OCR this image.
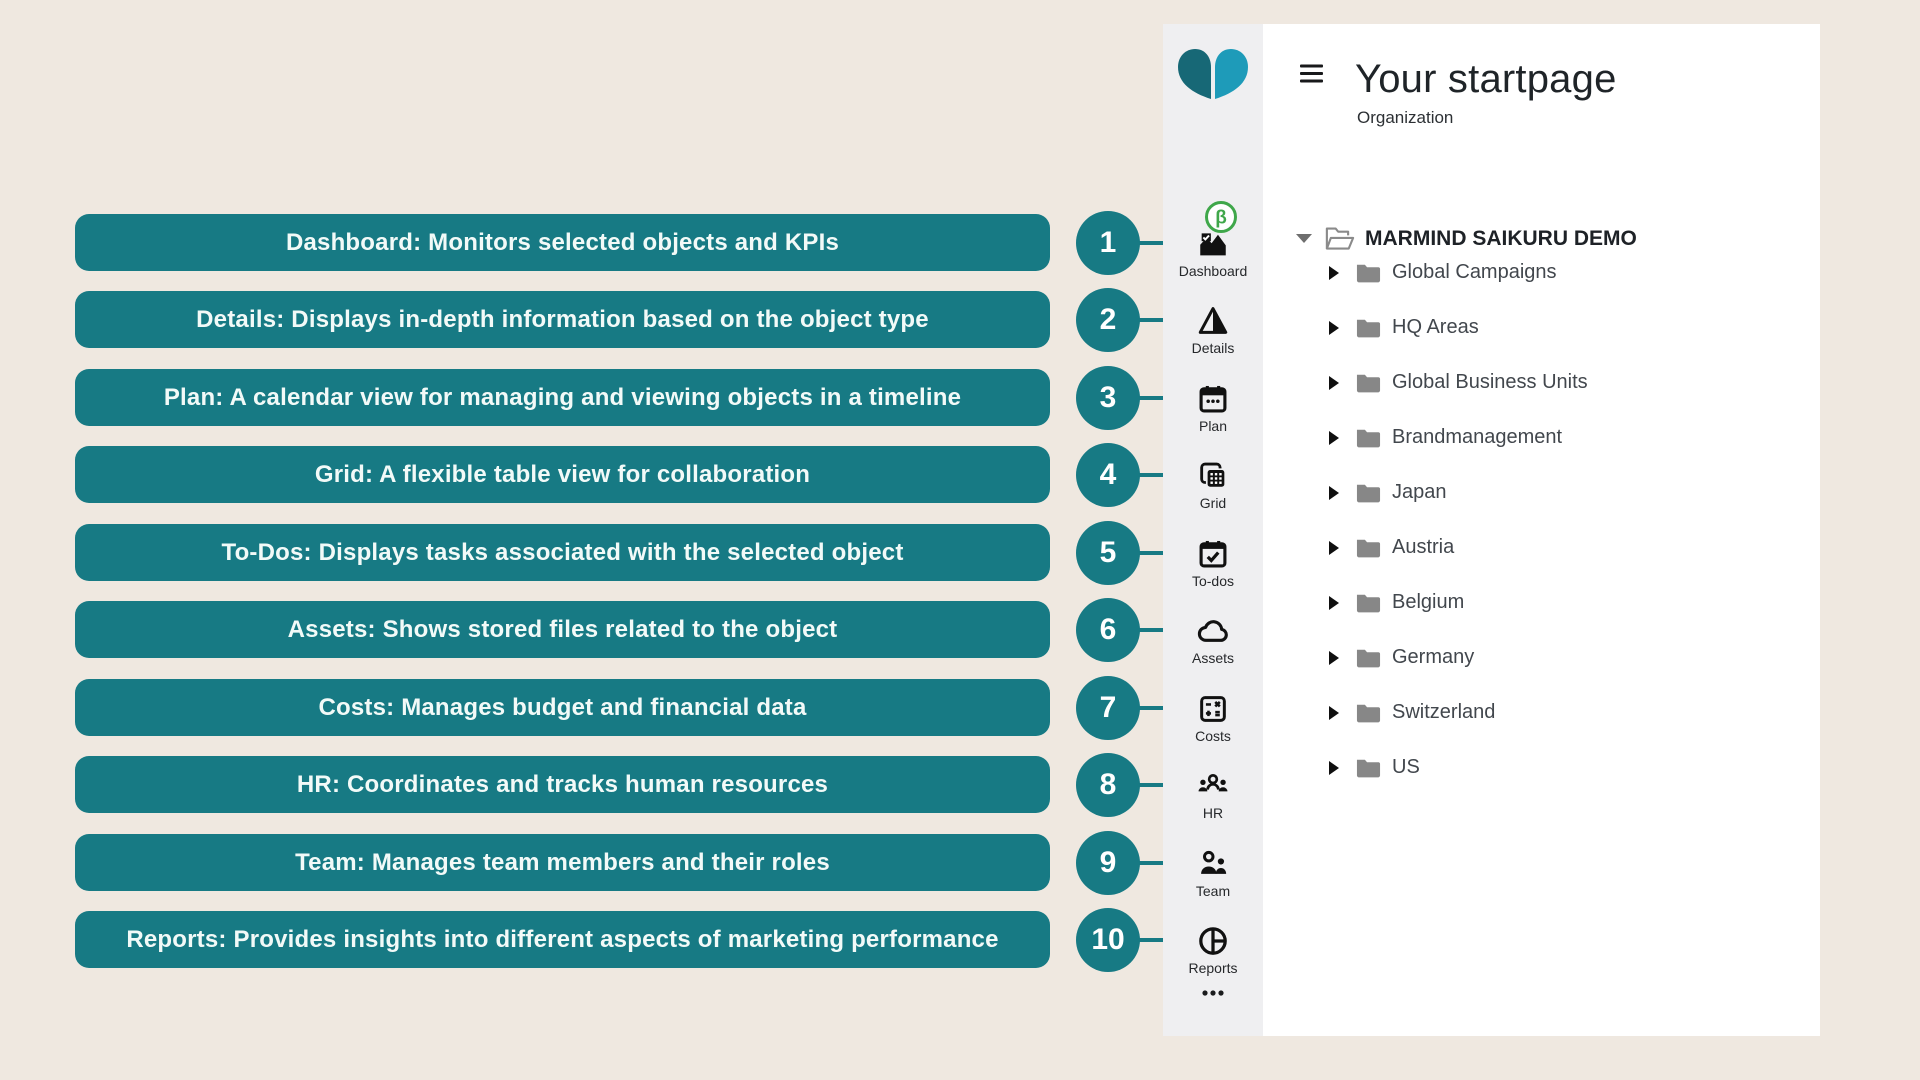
Dashboard: Monitors selected objects and KPIs	1
Details: Displays in-depth information based on the object type	2
Plan: A calendar view for managing and viewing objects in a timeline	3
Grid: A flexible table view for collaboration	4
To-Dos: Displays tasks associated with the selected object	5
Assets: Shows stored files related to the object	6
Costs: Manages budget and financial data	7
HR: Coordinates and tracks human resources	8
Team: Manages team members and their roles	9
Reports: Provides insights into different aspects of marketing performance	10
β
Dashboard
Details
Plan
Grid
To-dos
Assets
Costs
HR
Team
Reports
Your startpage
Organization
MARMIND SAIKURU DEMO
Global Campaigns
HQ Areas
Global Business Units
Brandmanagement
Japan
Austria
Belgium
Germany
Switzerland
US
